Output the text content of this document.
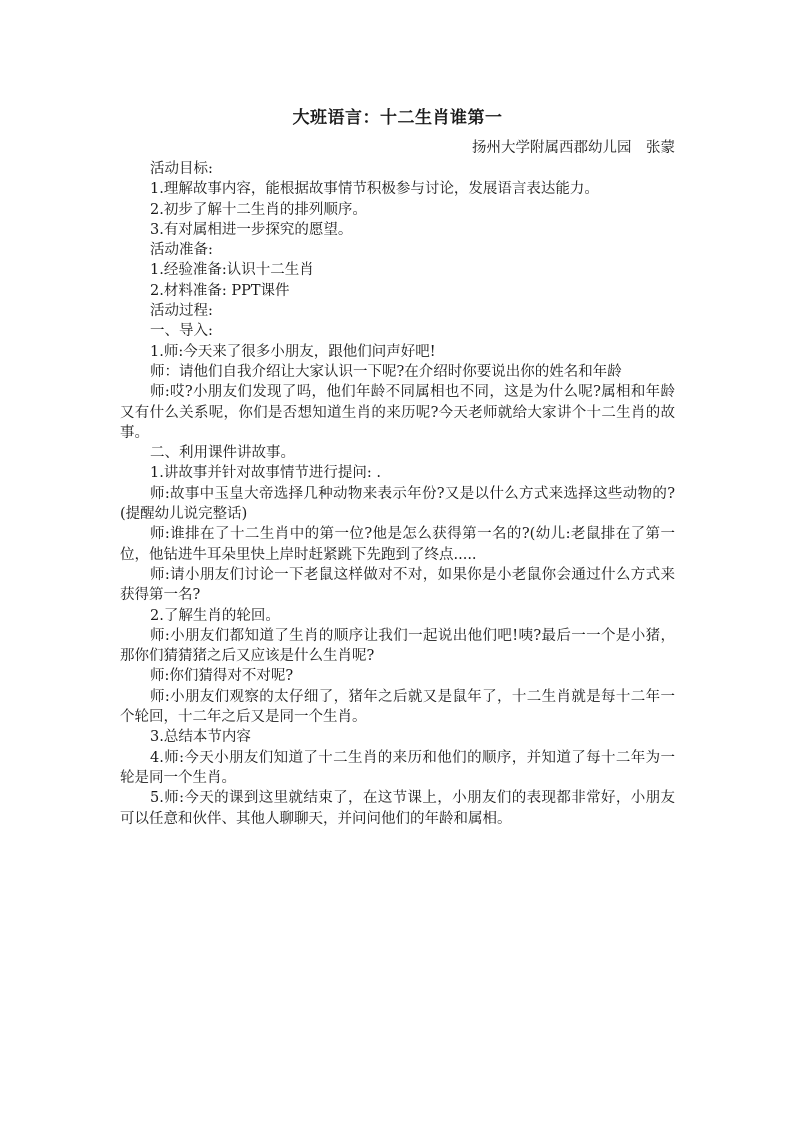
大班语言：十二生肖谁第一

扬州大学附属西郡幼儿园　张蒙

活动目标:

1.理解故事内容，能根据故事情节积极参与讨论，发展语言表达能力。

2.初步了解十二生肖的排列顺序。

3.有对属相进一步探究的愿望。

活动准备:

1.经验准备:认识十二生肖

2.材料准备: PPT课件

活动过程:

一、导入:

1.师:今天来了很多小朋友，跟他们问声好吧!

师：请他们自我介绍让大家认识一下呢?在介绍时你要说出你的姓名和年龄

师:哎?小朋友们发现了吗，他们年龄不同属相也不同，这是为什么呢?属相和年龄又有什么关系呢，你们是否想知道生肖的来历呢?今天老师就给大家讲个十二生肖的故事。

二、利用课件讲故事。

1.讲故事并针对故事情节进行提问: .

师:故事中玉皇大帝选择几种动物来表示年份?又是以什么方式来选择这些动物的?(提醒幼儿说完整话)

师:谁排在了十二生肖中的第一位?他是怎么获得第一名的?(幼儿:老鼠排在了第一位，他钻进牛耳朵里快上岸时赶紧跳下先跑到了终点.....

师:请小朋友们讨论一下老鼠这样做对不对，如果你是小老鼠你会通过什么方式来获得第一名?

2.了解生肖的轮回。

师:小朋友们都知道了生肖的顺序让我们一起说出他们吧!咦?最后一一个是小猪，那你们猜猜猪之后又应该是什么生肖呢?

师:你们猜得对不对呢?

师:小朋友们观察的太仔细了，猪年之后就又是鼠年了，十二生肖就是每十二年一个轮回，十二年之后又是同一个生肖。

3.总结本节内容

4.师:今天小朋友们知道了十二生肖的来历和他们的顺序，并知道了每十二年为一轮是同一个生肖。

5.师:今天的课到这里就结束了，在这节课上，小朋友们的表现都非常好，小朋友可以任意和伙伴、其他人聊聊天，并问问他们的年龄和属相。
